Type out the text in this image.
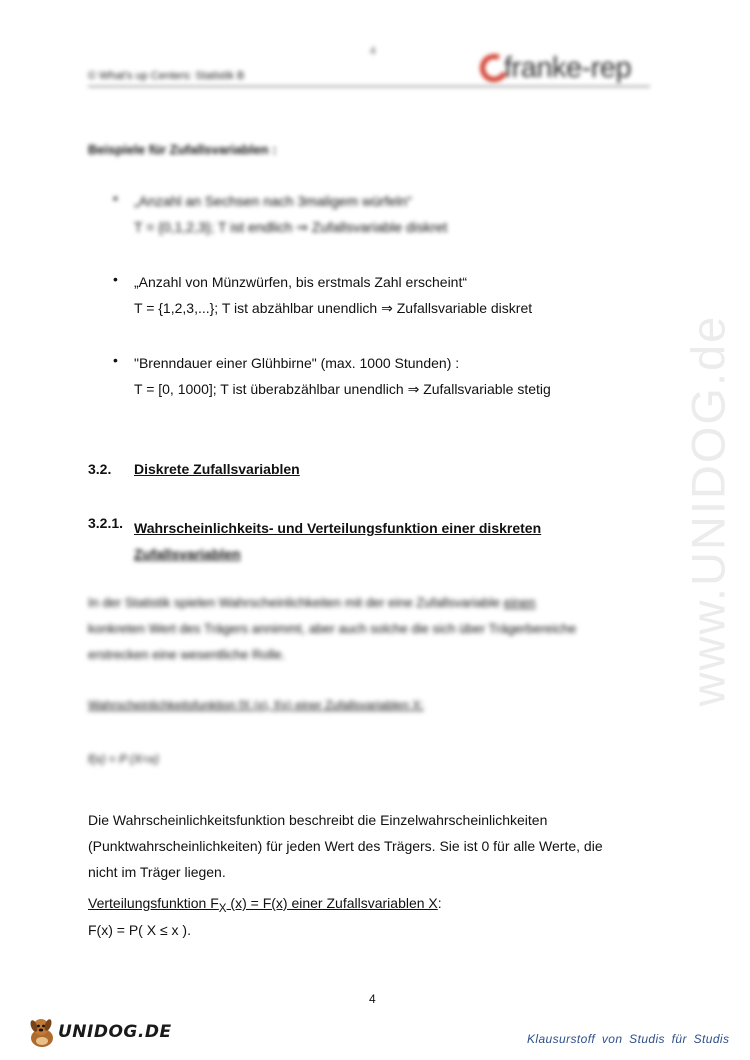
4
© What's up Centers: Statistik B	franke-rep
www.UNIDOG.de
Beispiele für Zufallsvariablen :
• „Anzahl an Sechsen nach 3maligem würfeln“
T = {0,1,2,3}; T ist endlich ⇒ Zufallsvariable diskret
• „Anzahl von Münzwürfen, bis erstmals Zahl erscheint“
T = {1,2,3,...}; T ist abzählbar unendlich ⇒ Zufallsvariable diskret
• "Brenndauer einer Glühbirne" (max. 1000 Stunden) :
T = [0, 1000]; T ist überabzählbar unendlich ⇒ Zufallsvariable stetig
3.2. Diskrete Zufallsvariablen
3.2.1. Wahrscheinlichkeits- und Verteilungsfunktion einer diskreten
Zufallsvariablen
In der Statistik spielen Wahrscheinlichkeiten mit der eine Zufallsvariable einen
konkreten Wert des Trägers annimmt, aber auch solche die sich über Trägerbereiche
erstrecken eine wesentliche Rolle.
Wahrscheinlichkeitsfunktion fX (x), f(x) einer Zufallsvariablen X:
f(x) = P (X=x)
Die Wahrscheinlichkeitsfunktion beschreibt die Einzelwahrscheinlichkeiten
(Punktwahrscheinlichkeiten) für jeden Wert des Trägers. Sie ist 0 für alle Werte, die
nicht im Träger liegen.
Verteilungsfunktion $F_X$ (x) = F(x) einer Zufallsvariablen X:
F(x) = P( X ≤ x ).
4
UNIDOG.DE	Klausurstoff von Studis für Studis
